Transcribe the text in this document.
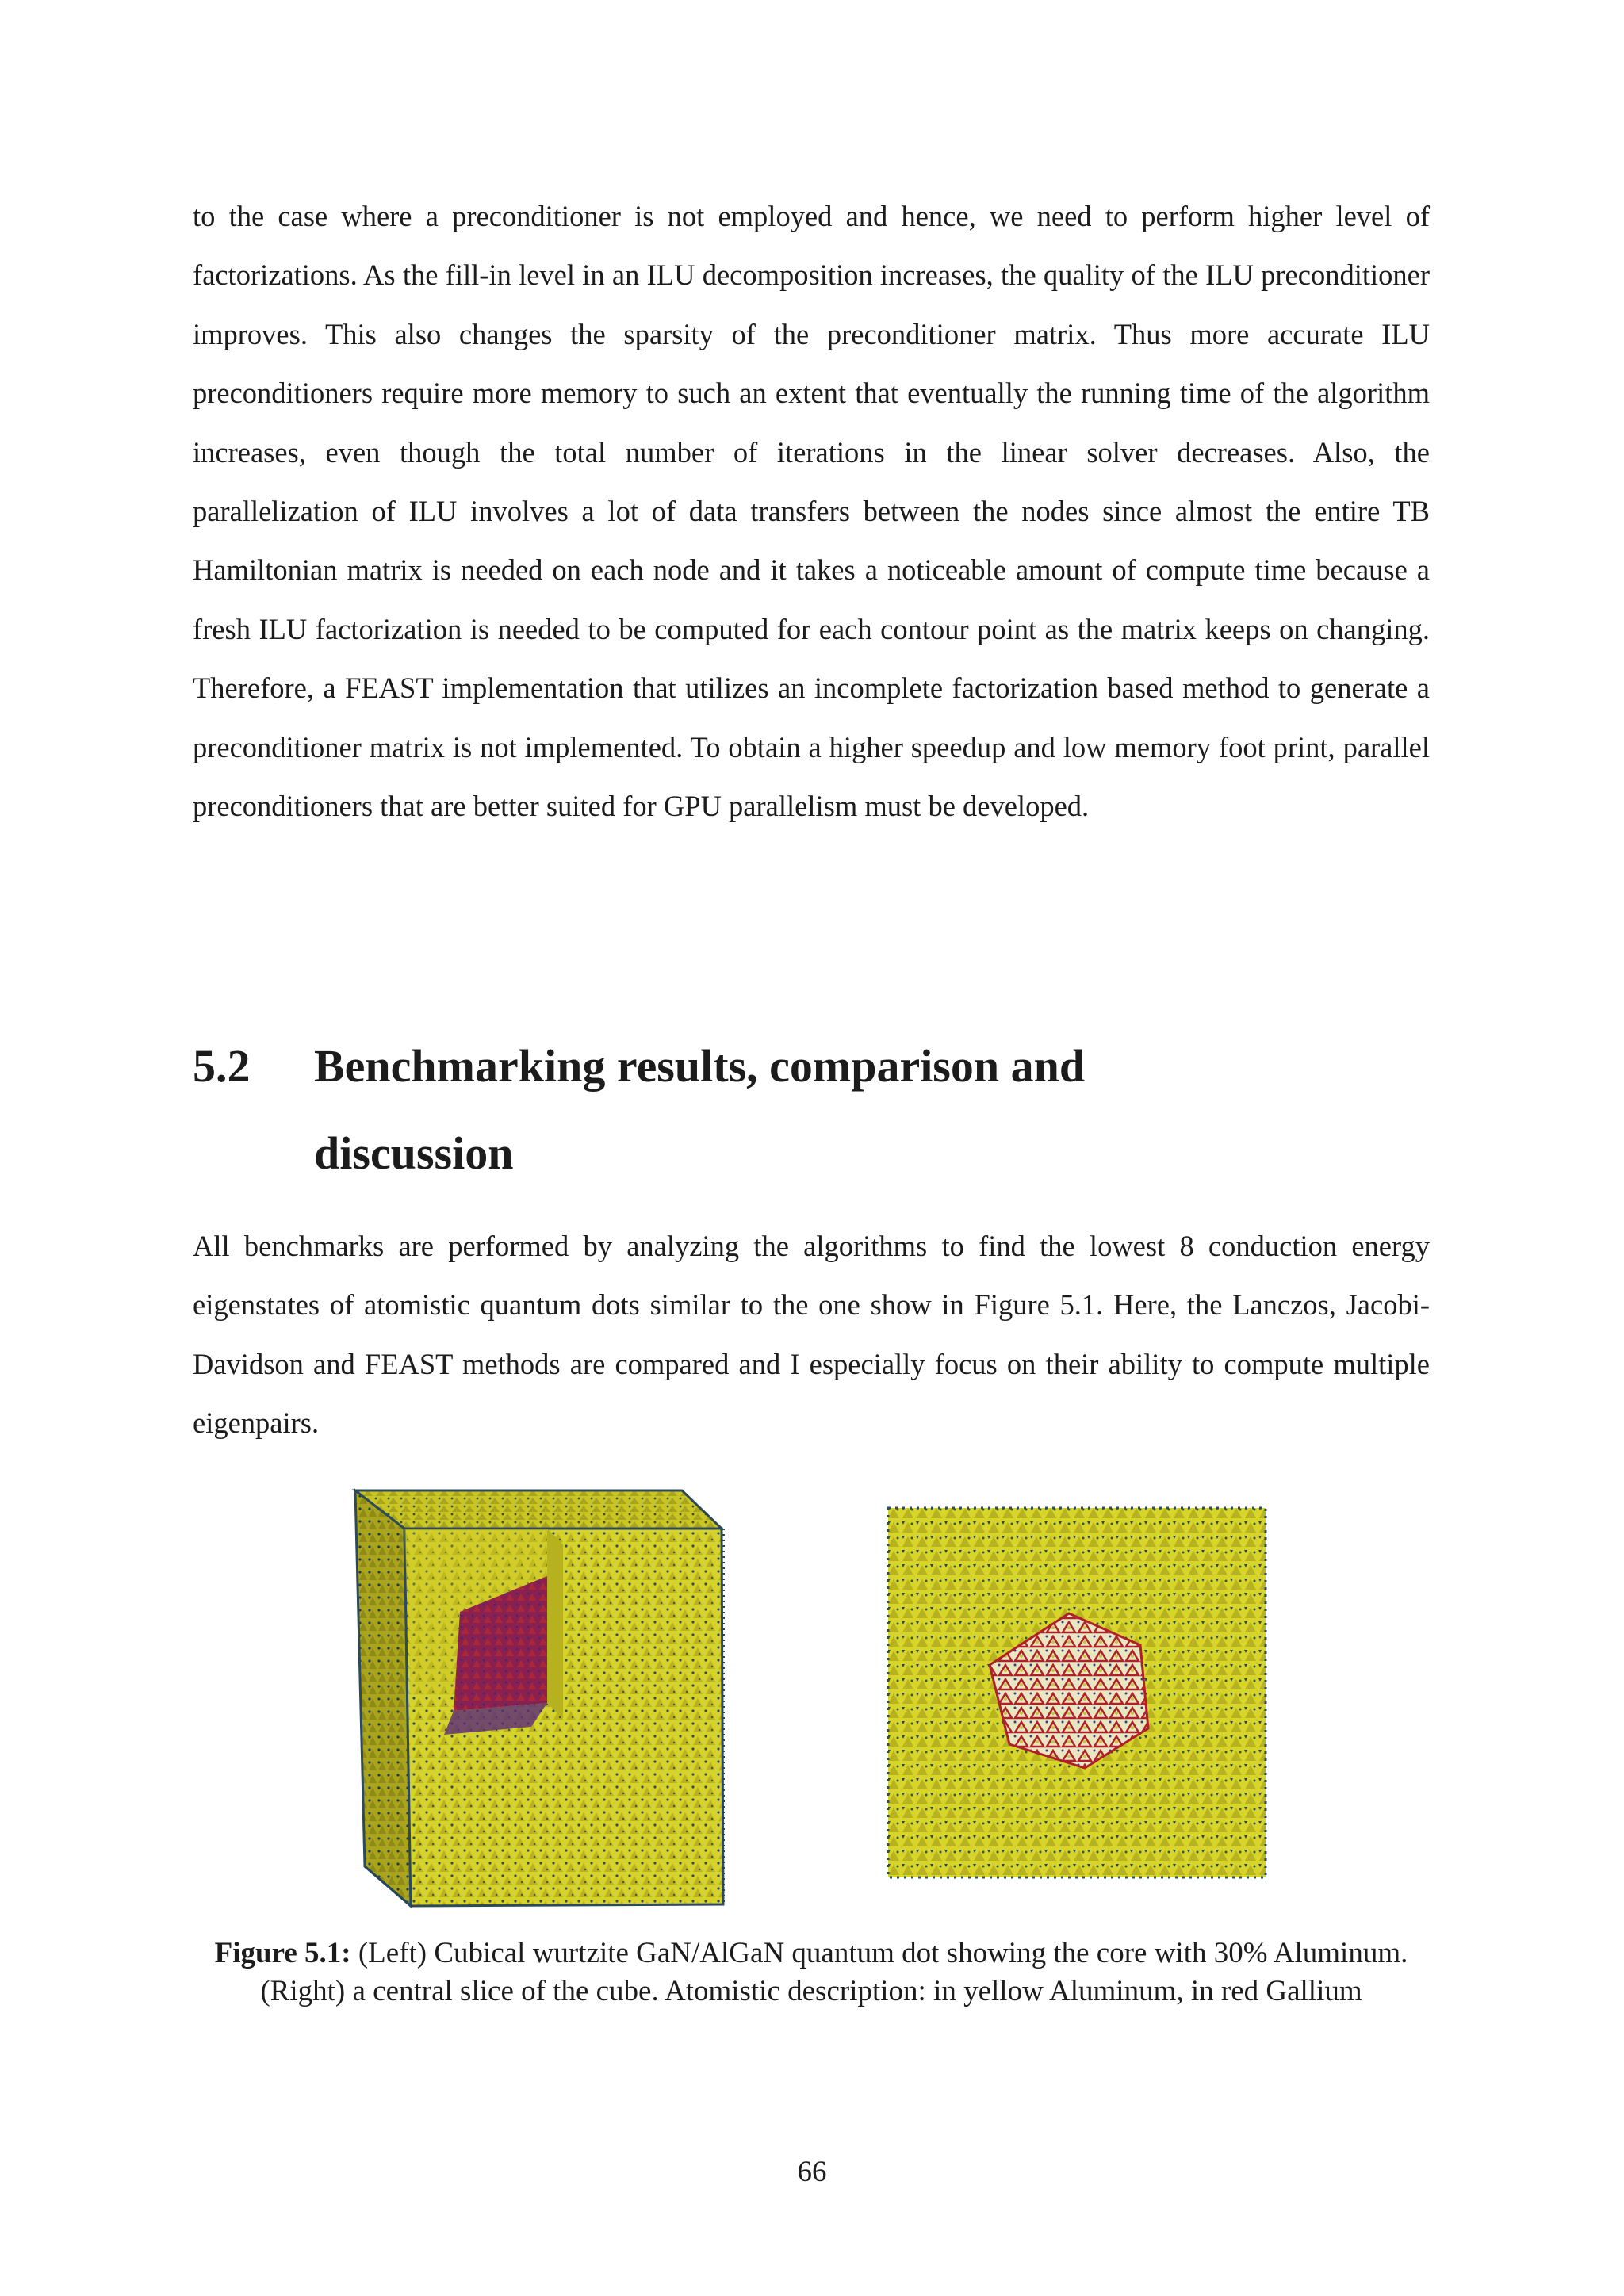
to the case where a preconditioner is not employed and hence, we need to perform higher level of factorizations. As the fill-in level in an ILU decomposition increases, the quality of the ILU preconditioner improves. This also changes the sparsity of the preconditioner matrix. Thus more accurate ILU preconditioners require more memory to such an extent that eventually the running time of the algorithm increases, even though the total number of iterations in the linear solver decreases. Also, the parallelization of ILU involves a lot of data transfers between the nodes since almost the entire TB Hamiltonian matrix is needed on each node and it takes a noticeable amount of compute time because a fresh ILU factorization is needed to be computed for each contour point as the matrix keeps on changing. Therefore, a FEAST implementation that utilizes an incomplete factorization based method to generate a preconditioner matrix is not implemented. To obtain a higher speedup and low memory foot print, parallel preconditioners that are better suited for GPU parallelism must be developed.

5.2 Benchmarking results, comparison and discussion

All benchmarks are performed by analyzing the algorithms to find the lowest 8 conduction energy eigenstates of atomistic quantum dots similar to the one show in Figure 5.1. Here, the Lanczos, Jacobi-Davidson and FEAST methods are compared and I especially focus on their ability to compute multiple eigenpairs.

Figure 5.1: (Left) Cubical wurtzite GaN/AlGaN quantum dot showing the core with 30% Aluminum. (Right) a central slice of the cube. Atomistic description: in yellow Aluminum, in red Gallium

66
